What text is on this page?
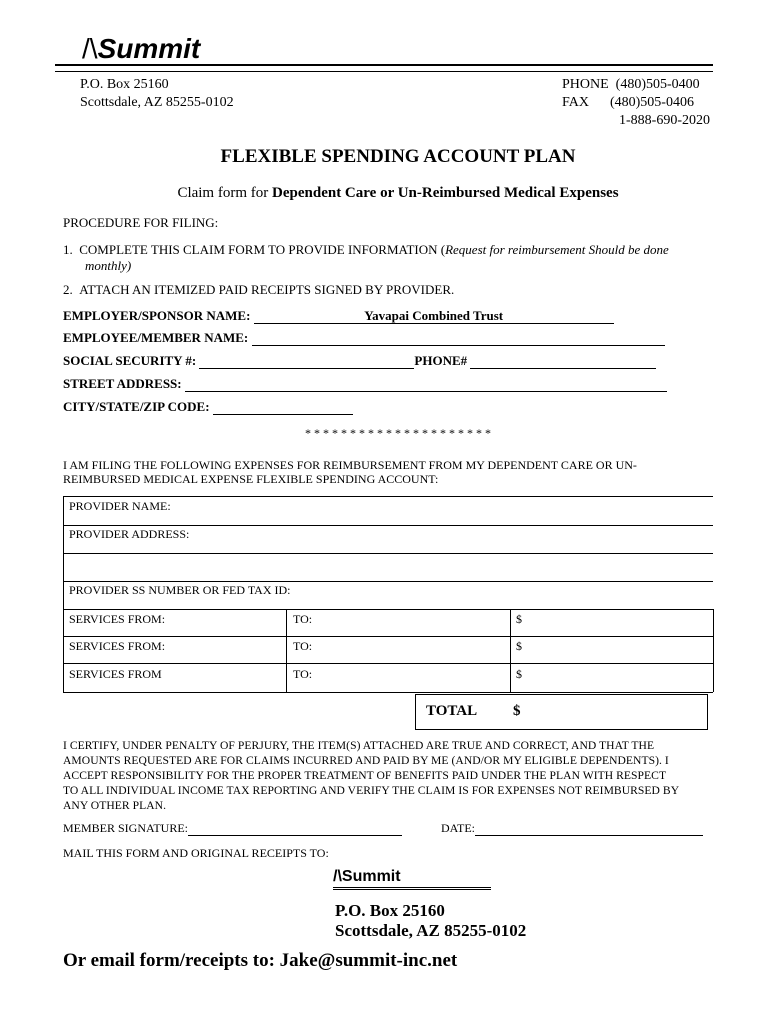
/\Summit
P.O. Box 25160
Scottsdale, AZ 85255-0102
PHONE (480)505-0400
FAX (480)505-0406
1-888-690-2020
FLEXIBLE SPENDING ACCOUNT PLAN
Claim form for Dependent Care or Un-Reimbursed Medical Expenses
PROCEDURE FOR FILING:
1. COMPLETE THIS CLAIM FORM TO PROVIDE INFORMATION (Request for reimbursement Should be done
monthly)
2. ATTACH AN ITEMIZED PAID RECEIPTS SIGNED BY PROVIDER.
EMPLOYER/SPONSOR NAME:	Yavapai Combined Trust
EMPLOYEE/MEMBER NAME:
SOCIAL SECURITY #:	PHONE#
STREET ADDRESS:
CITY/STATE/ZIP CODE:
* * * * * * * * * * * * * * * * * * * * *
I AM FILING THE FOLLOWING EXPENSES FOR REIMBURSEMENT FROM MY DEPENDENT CARE OR UN-
REIMBURSED MEDICAL EXPENSE FLEXIBLE SPENDING ACCOUNT:
PROVIDER NAME:
PROVIDER ADDRESS:
PROVIDER SS NUMBER OR FED TAX ID:
SERVICES FROM:	TO:	$
SERVICES FROM:	TO:	$
SERVICES FROM	TO:	$
TOTAL $
I CERTIFY, UNDER PENALTY OF PERJURY, THE ITEM(S) ATTACHED ARE TRUE AND CORRECT, AND THAT THE
AMOUNTS REQUESTED ARE FOR CLAIMS INCURRED AND PAID BY ME (AND/OR MY ELIGIBLE DEPENDENTS). I
ACCEPT RESPONSIBILITY FOR THE PROPER TREATMENT OF BENEFITS PAID UNDER THE PLAN WITH RESPECT
TO ALL INDIVIDUAL INCOME TAX REPORTING AND VERIFY THE CLAIM IS FOR EXPENSES NOT REIMBURSED BY
ANY OTHER PLAN.
MEMBER SIGNATURE:	DATE:
MAIL THIS FORM AND ORIGINAL RECEIPTS TO:
/\Summit
P.O. Box 25160
Scottsdale, AZ 85255-0102
Or email form/receipts to: Jake@summit-inc.net
